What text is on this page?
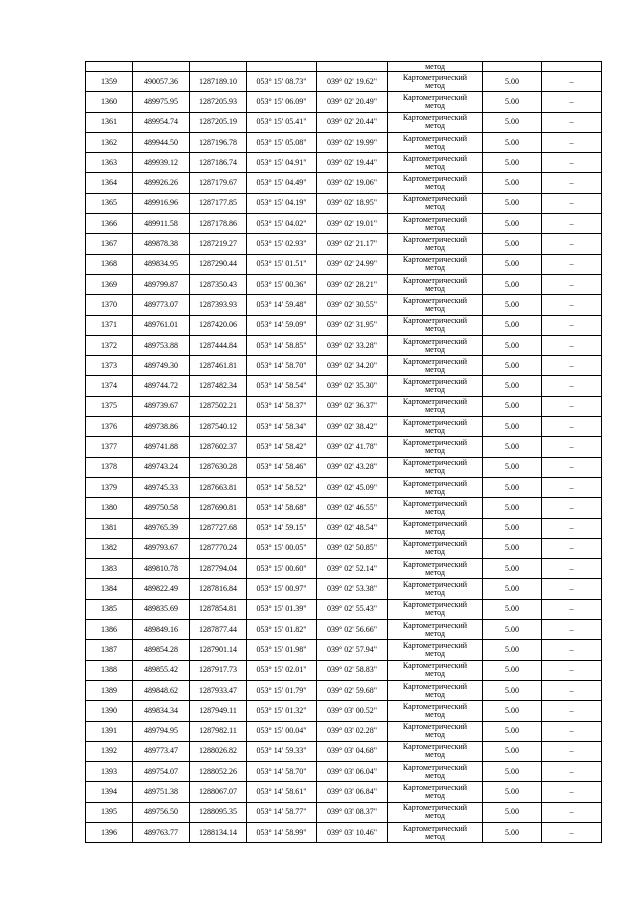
					метод		

1359	490057.36	1287189.10	053° 15' 08.73"	039° 02' 19.62"	Картометрический
метод	5.00	–
1360	489975.95	1287205.93	053° 15' 06.09"	039° 02' 20.49"	Картометрический
метод	5.00	–
1361	489954.74	1287205.19	053° 15' 05.41"	039° 02' 20.44"	Картометрический
метод	5.00	–
1362	489944.50	1287196.78	053° 15' 05.08"	039° 02' 19.99"	Картометрический
метод	5.00	–
1363	489939.12	1287186.74	053° 15' 04.91"	039° 02' 19.44"	Картометрический
метод	5.00	–
1364	489926.26	1287179.67	053° 15' 04.49"	039° 02' 19.06"	Картометрический
метод	5.00	–
1365	489916.96	1287177.85	053° 15' 04.19"	039° 02' 18.95"	Картометрический
метод	5.00	–
1366	489911.58	1287178.86	053° 15' 04.02"	039° 02' 19.01"	Картометрический
метод	5.00	–
1367	489878.38	1287219.27	053° 15' 02.93"	039° 02' 21.17"	Картометрический
метод	5.00	–
1368	489834.95	1287290.44	053° 15' 01.51"	039° 02' 24.99"	Картометрический
метод	5.00	–
1369	489799.87	1287350.43	053° 15' 00.36"	039° 02' 28.21"	Картометрический
метод	5.00	–
1370	489773.07	1287393.93	053° 14' 59.48"	039° 02' 30.55"	Картометрический
метод	5.00	–
1371	489761.01	1287420.06	053° 14' 59.09"	039° 02' 31.95"	Картометрический
метод	5.00	–
1372	489753.88	1287444.84	053° 14' 58.85"	039° 02' 33.28"	Картометрический
метод	5.00	–
1373	489749.30	1287461.81	053° 14' 58.70"	039° 02' 34.20"	Картометрический
метод	5.00	–
1374	489744.72	1287482.34	053° 14' 58.54"	039° 02' 35.30"	Картометрический
метод	5.00	–
1375	489739.67	1287502.21	053° 14' 58.37"	039° 02' 36.37"	Картометрический
метод	5.00	–
1376	489738.86	1287540.12	053° 14' 58.34"	039° 02' 38.42"	Картометрический
метод	5.00	–
1377	489741.88	1287602.37	053° 14' 58.42"	039° 02' 41.78"	Картометрический
метод	5.00	–
1378	489743.24	1287630.28	053° 14' 58.46"	039° 02' 43.28"	Картометрический
метод	5.00	–
1379	489745.33	1287663.81	053° 14' 58.52"	039° 02' 45.09"	Картометрический
метод	5.00	–
1380	489750.58	1287690.81	053° 14' 58.68"	039° 02' 46.55"	Картометрический
метод	5.00	–
1381	489765.39	1287727.68	053° 14' 59.15"	039° 02' 48.54"	Картометрический
метод	5.00	–
1382	489793.67	1287770.24	053° 15' 00.05"	039° 02' 50.85"	Картометрический
метод	5.00	–
1383	489810.78	1287794.04	053° 15' 00.60"	039° 02' 52.14"	Картометрический
метод	5.00	–
1384	489822.49	1287816.84	053° 15' 00.97"	039° 02' 53.38"	Картометрический
метод	5.00	–
1385	489835.69	1287854.81	053° 15' 01.39"	039° 02' 55.43"	Картометрический
метод	5.00	–
1386	489849.16	1287877.44	053° 15' 01.82"	039° 02' 56.66"	Картометрический
метод	5.00	–
1387	489854.28	1287901.14	053° 15' 01.98"	039° 02' 57.94"	Картометрический
метод	5.00	–
1388	489855.42	1287917.73	053° 15' 02.01"	039° 02' 58.83"	Картометрический
метод	5.00	–
1389	489848.62	1287933.47	053° 15' 01.79"	039° 02' 59.68"	Картометрический
метод	5.00	–
1390	489834.34	1287949.11	053° 15' 01.32"	039° 03' 00.52"	Картометрический
метод	5.00	–
1391	489794.95	1287982.11	053° 15' 00.04"	039° 03' 02.28"	Картометрический
метод	5.00	–
1392	489773.47	1288026.82	053° 14' 59.33"	039° 03' 04.68"	Картометрический
метод	5.00	–
1393	489754.07	1288052.26	053° 14' 58.70"	039° 03' 06.04"	Картометрический
метод	5.00	–
1394	489751.38	1288067.07	053° 14' 58.61"	039° 03' 06.84"	Картометрический
метод	5.00	–
1395	489756.50	1288095.35	053° 14' 58.77"	039° 03' 08.37"	Картометрический
метод	5.00	–
1396	489763.77	1288134.14	053° 14' 58.99"	039° 03' 10.46"	Картометрический
метод	5.00	–
